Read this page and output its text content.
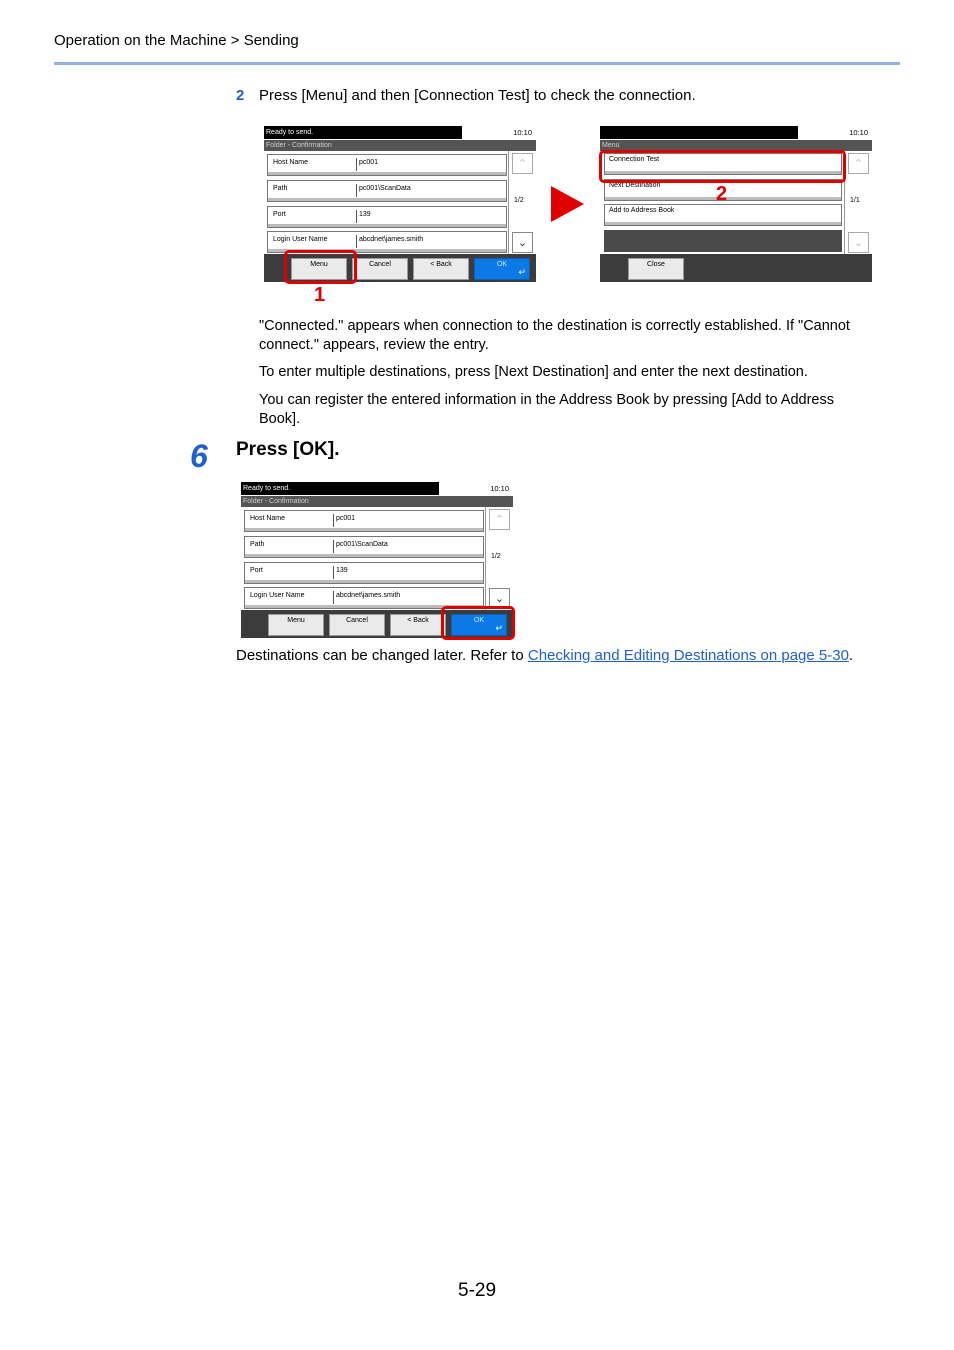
Operation on the Machine > Sending
2 Press [Menu] and then [Connection Test] to check the connection.
Ready to send.	10:10
Folder - Confirmation
Host Name	pc001
Path	pc001\ScanData
Port	139
Login User Name	abcdnet\james.smith
⌃
1/2
⌄
Menu	Cancel	< Back	OK
↵
1
10:10
Menu
Connection Test
Next Destination
Add to Address Book
⌃
1/1
⌄
Close
2
"Connected." appears when connection to the destination is correctly established. If "Cannot connect." appears, review the entry.
To enter multiple destinations, press [Next Destination] and enter the next destination.
You can register the entered information in the Address Book by pressing [Add to Address Book].
6 Press [OK].
Ready to send.	10:10
Folder - Confirmation
Host Name	pc001
Path	pc001\ScanData
Port	139
Login User Name	abcdnet\james.smith
⌃
1/2
⌄
Menu	Cancel	< Back	OK
↵
Destinations can be changed later. Refer to Checking and Editing Destinations on page 5-30.
5-29
